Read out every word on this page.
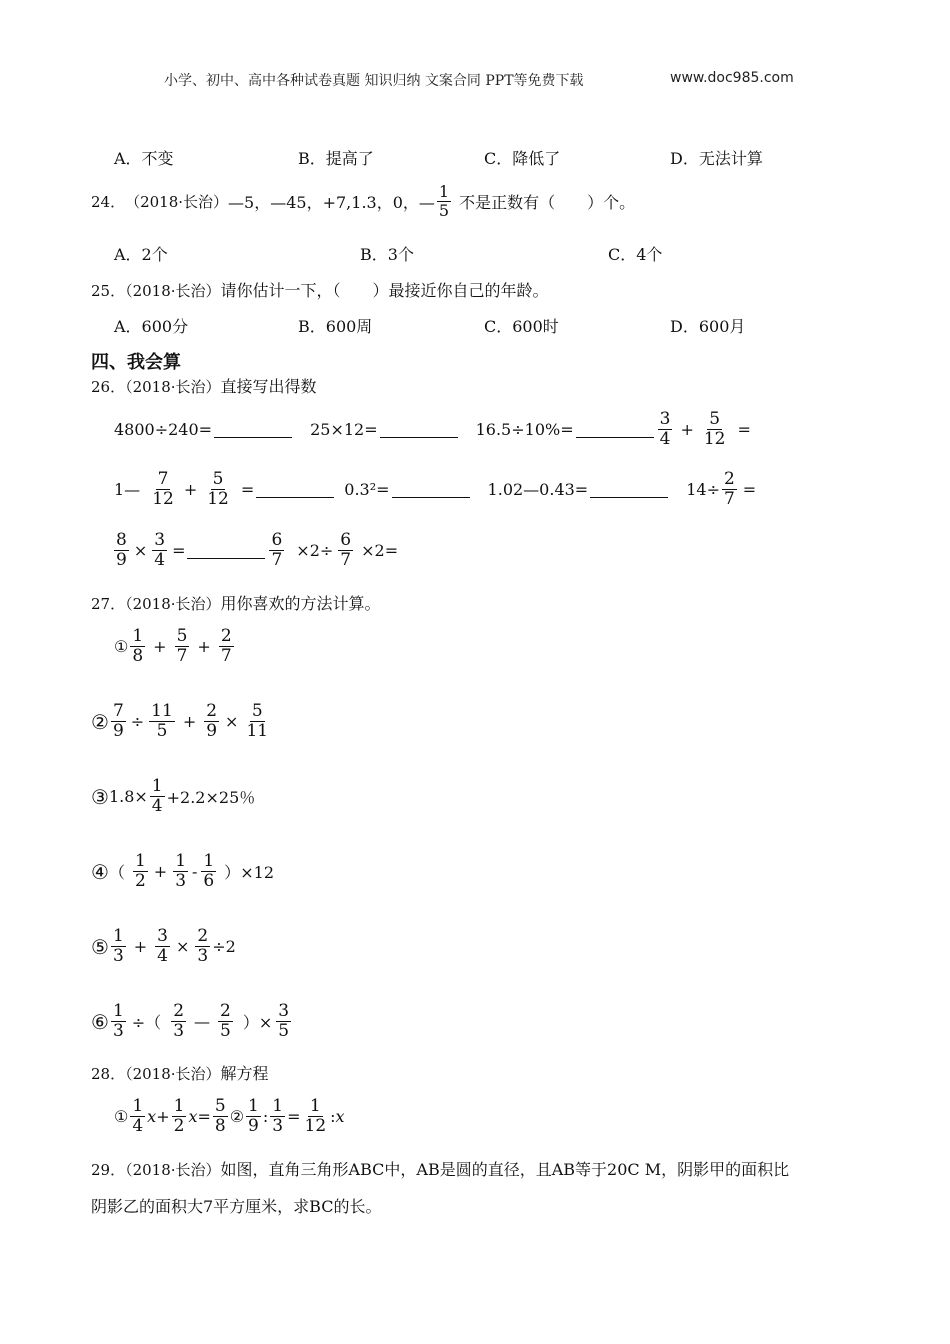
小学、初中、高中各种试卷真题 知识归纳 文案合同 PPT等免费下载	www.doc985.com
A．不变	B．提高了	C．降低了	D．无法计算
24． （2018·长治） —5，—45，+7,1.3，0，— $\frac{1}{5}$ 不是正数有（　　）个。
A．2个	B．3个	C．4个
25．（2018·长治）请你估计一下，（　　）最接近你自己的年龄。
A．600分	B．600周	C．600时	D．600月
四、我会算
26．（2018·长治）直接写出得数
4800÷240=	25×12=	16.5÷10%=	$\frac{3}{4} + \frac{5}{12}$ =
1— $\frac{7}{12} + \frac{5}{12}$ =	0.3²=	1.02—0.43=	$14\div \frac{2}{7}$ =
$\frac{8}{9} \times \frac{3}{4}$ =	$\frac{6}{7} \times 2\div \frac{6}{7} \times 2=$
27．（2018·长治）用你喜欢的方法计算。
① $\frac{1}{8} + \frac{5}{7} + \frac{2}{7}$
② $\frac{7}{9} \div \frac{11}{5} + \frac{2}{9} \times \frac{5}{11}$
③ $1.8\times \frac{1}{4} +2.2\times 25$％
④ （ $\frac{1}{2} + \frac{1}{3} - \frac{1}{6} )\times 12$
⑤ $\frac{1}{3} + \frac{3}{4} \times \frac{2}{3} \div 2$
⑥ $\frac{1}{3}$ ÷（ $\frac{2}{3}$ — $\frac{2}{5}$ ）× $\frac{3}{5}$
28．（2018·长治）解方程
① $\frac{1}{4} x+ \frac{1}{2} x= \frac{5}{8}$ ② $\frac{1}{9}$ : $\frac{1}{3} = \frac{1}{12}$ : x
29．（2018·长治）如图，直角三角形ABC中，AB是圆的直径，且AB等于20C M，阴影甲的面积比
阴影乙的面积大7平方厘米，求BC的长。
